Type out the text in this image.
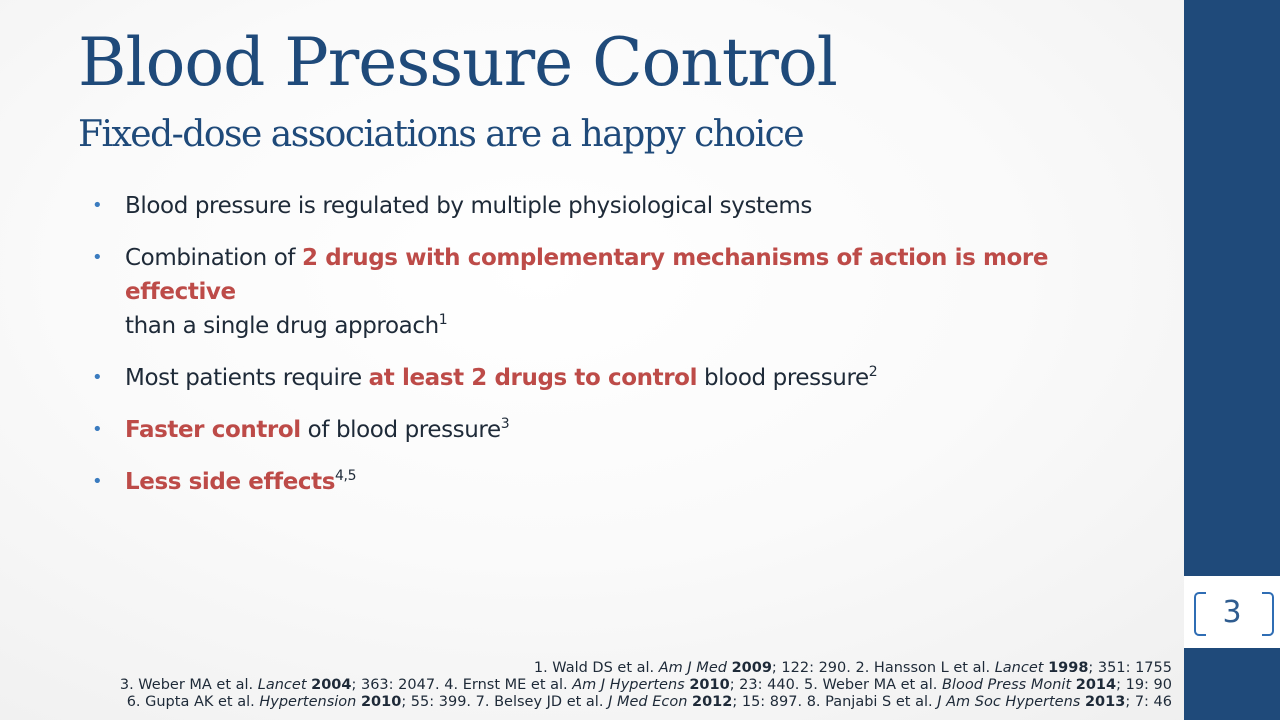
3
Blood Pressure Control
Fixed-dose associations are a happy choice
• Blood pressure is regulated by multiple physiological systems
• Combination of 2 drugs with complementary mechanisms of action is more effective
than a single drug approach$^1$
• Most patients require at least 2 drugs to control blood pressure$^2$
• Faster control of blood pressure$^3$
• Less side effects$^{4,5}$
1. Wald DS et al. Am J Med 2009; 122: 290. 2. Hansson L et al. Lancet 1998; 351: 1755
3. Weber MA et al. Lancet 2004; 363: 2047. 4. Ernst ME et al. Am J Hypertens 2010; 23: 440. 5. Weber MA et al. Blood Press Monit 2014; 19: 90
6. Gupta AK et al. Hypertension 2010; 55: 399. 7. Belsey JD et al. J Med Econ 2012; 15: 897. 8. Panjabi S et al. J Am Soc Hypertens 2013; 7: 46
